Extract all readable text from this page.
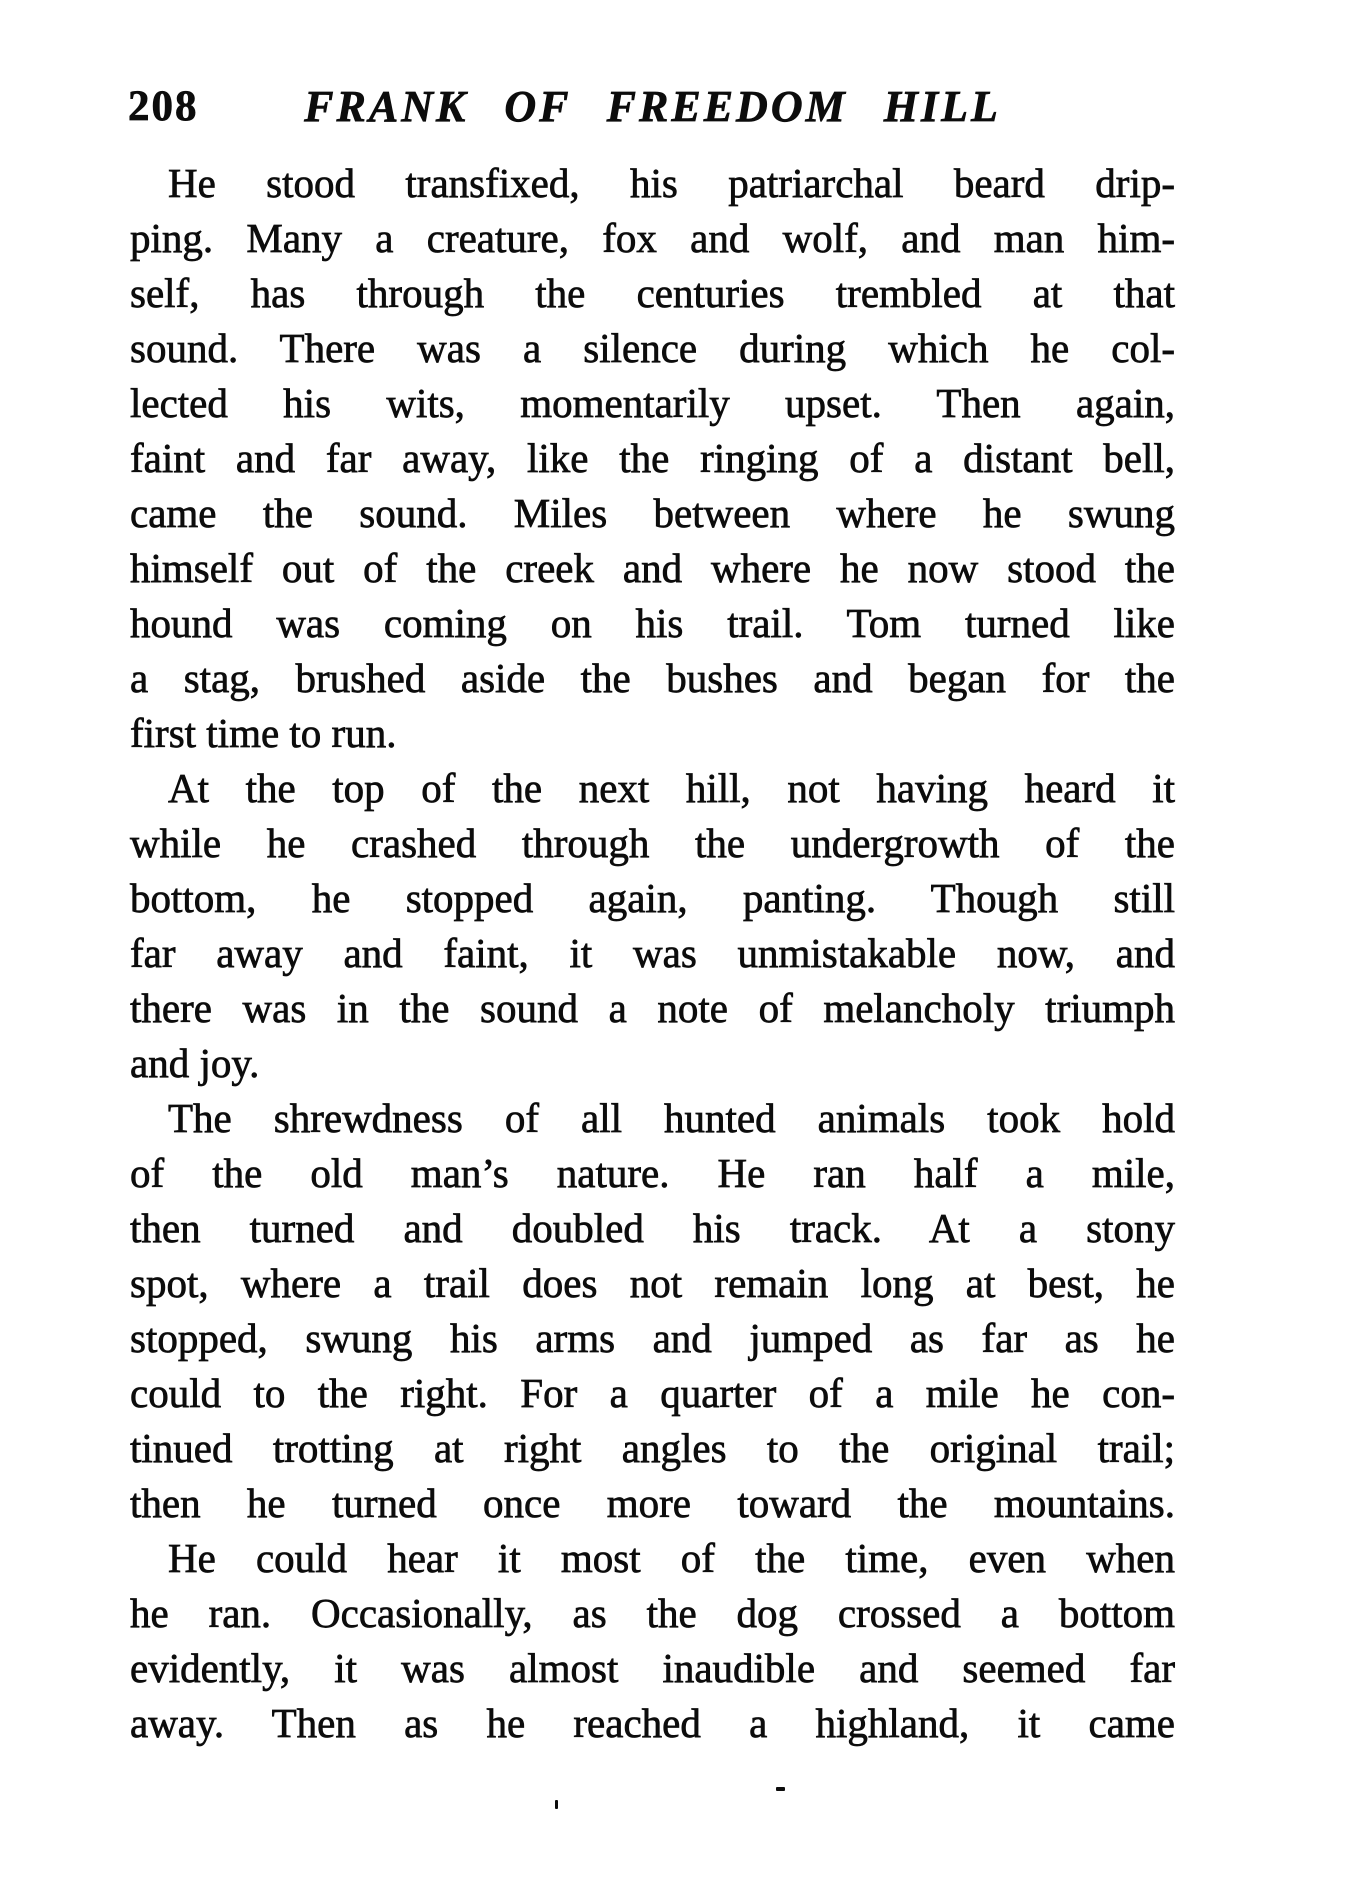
208	FRANK OF FREEDOM HILL
He stood transfixed, his patriarchal beard drip-
ping. Many a creature, fox and wolf, and man him-
self, has through the centuries trembled at that
sound. There was a silence during which he col-
lected his wits, momentarily upset. Then again,
faint and far away, like the ringing of a distant bell,
came the sound. Miles between where he swung
himself out of the creek and where he now stood the
hound was coming on his trail. Tom turned like
a stag, brushed aside the bushes and began for the
first time to run.
At the top of the next hill, not having heard it
while he crashed through the undergrowth of the
bottom, he stopped again, panting. Though still
far away and faint, it was unmistakable now, and
there was in the sound a note of melancholy triumph
and joy.
The shrewdness of all hunted animals took hold
of the old man’s nature. He ran half a mile,
then turned and doubled his track. At a stony
spot, where a trail does not remain long at best, he
stopped, swung his arms and jumped as far as he
could to the right. For a quarter of a mile he con-
tinued trotting at right angles to the original trail;
then he turned once more toward the mountains.
He could hear it most of the time, even when
he ran. Occasionally, as the dog crossed a bottom
evidently, it was almost inaudible and seemed far
away. Then as he reached a highland, it came
